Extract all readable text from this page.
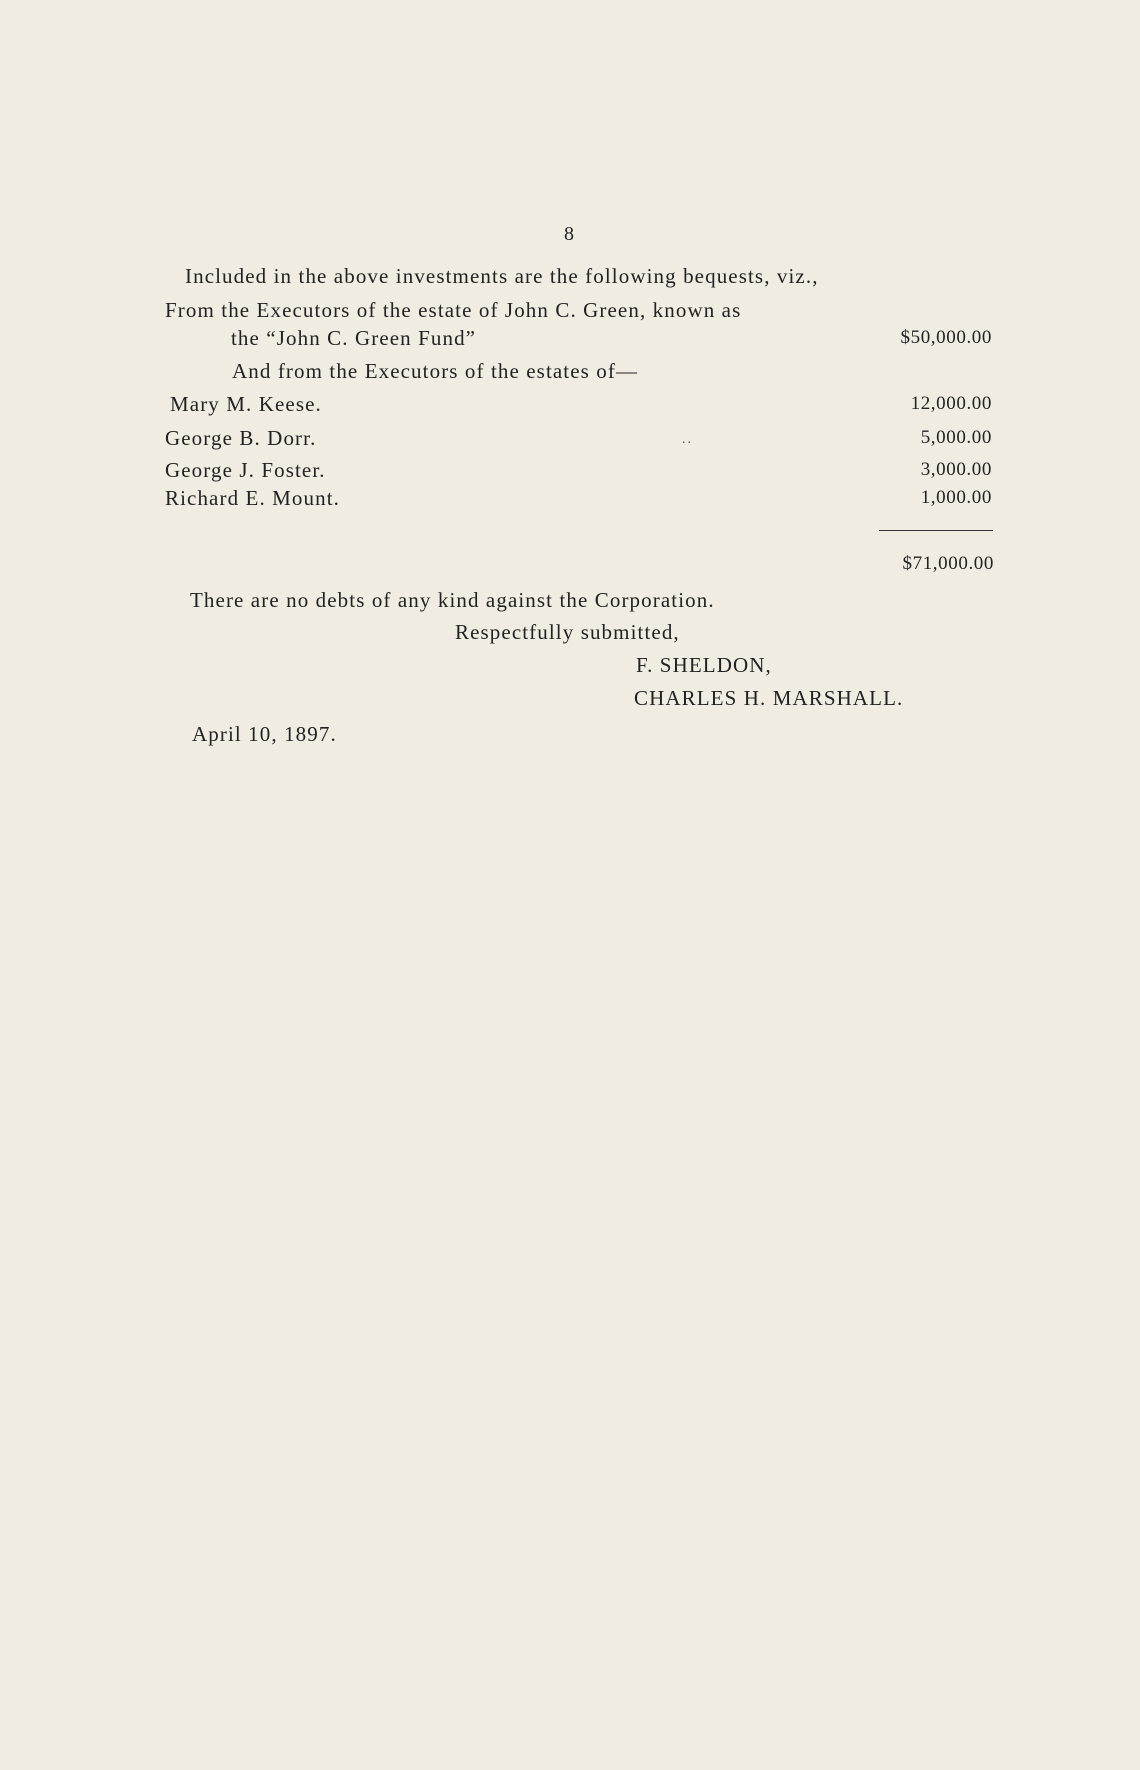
8
Included in the above investments are the following bequests, viz.,
From the Executors of the estate of John C. Green, known as
the “John C. Green Fund”	$50,000.00
And from the Executors of the estates of—
Mary M. Keese.	12,000.00
George B. Dorr.	..	5,000.00
George J. Foster.	3,000.00
Richard E. Mount.	1,000.00
$71,000.00
There are no debts of any kind against the Corporation.
Respectfully submitted,
F. SHELDON,
CHARLES H. MARSHALL.
April 10, 1897.
